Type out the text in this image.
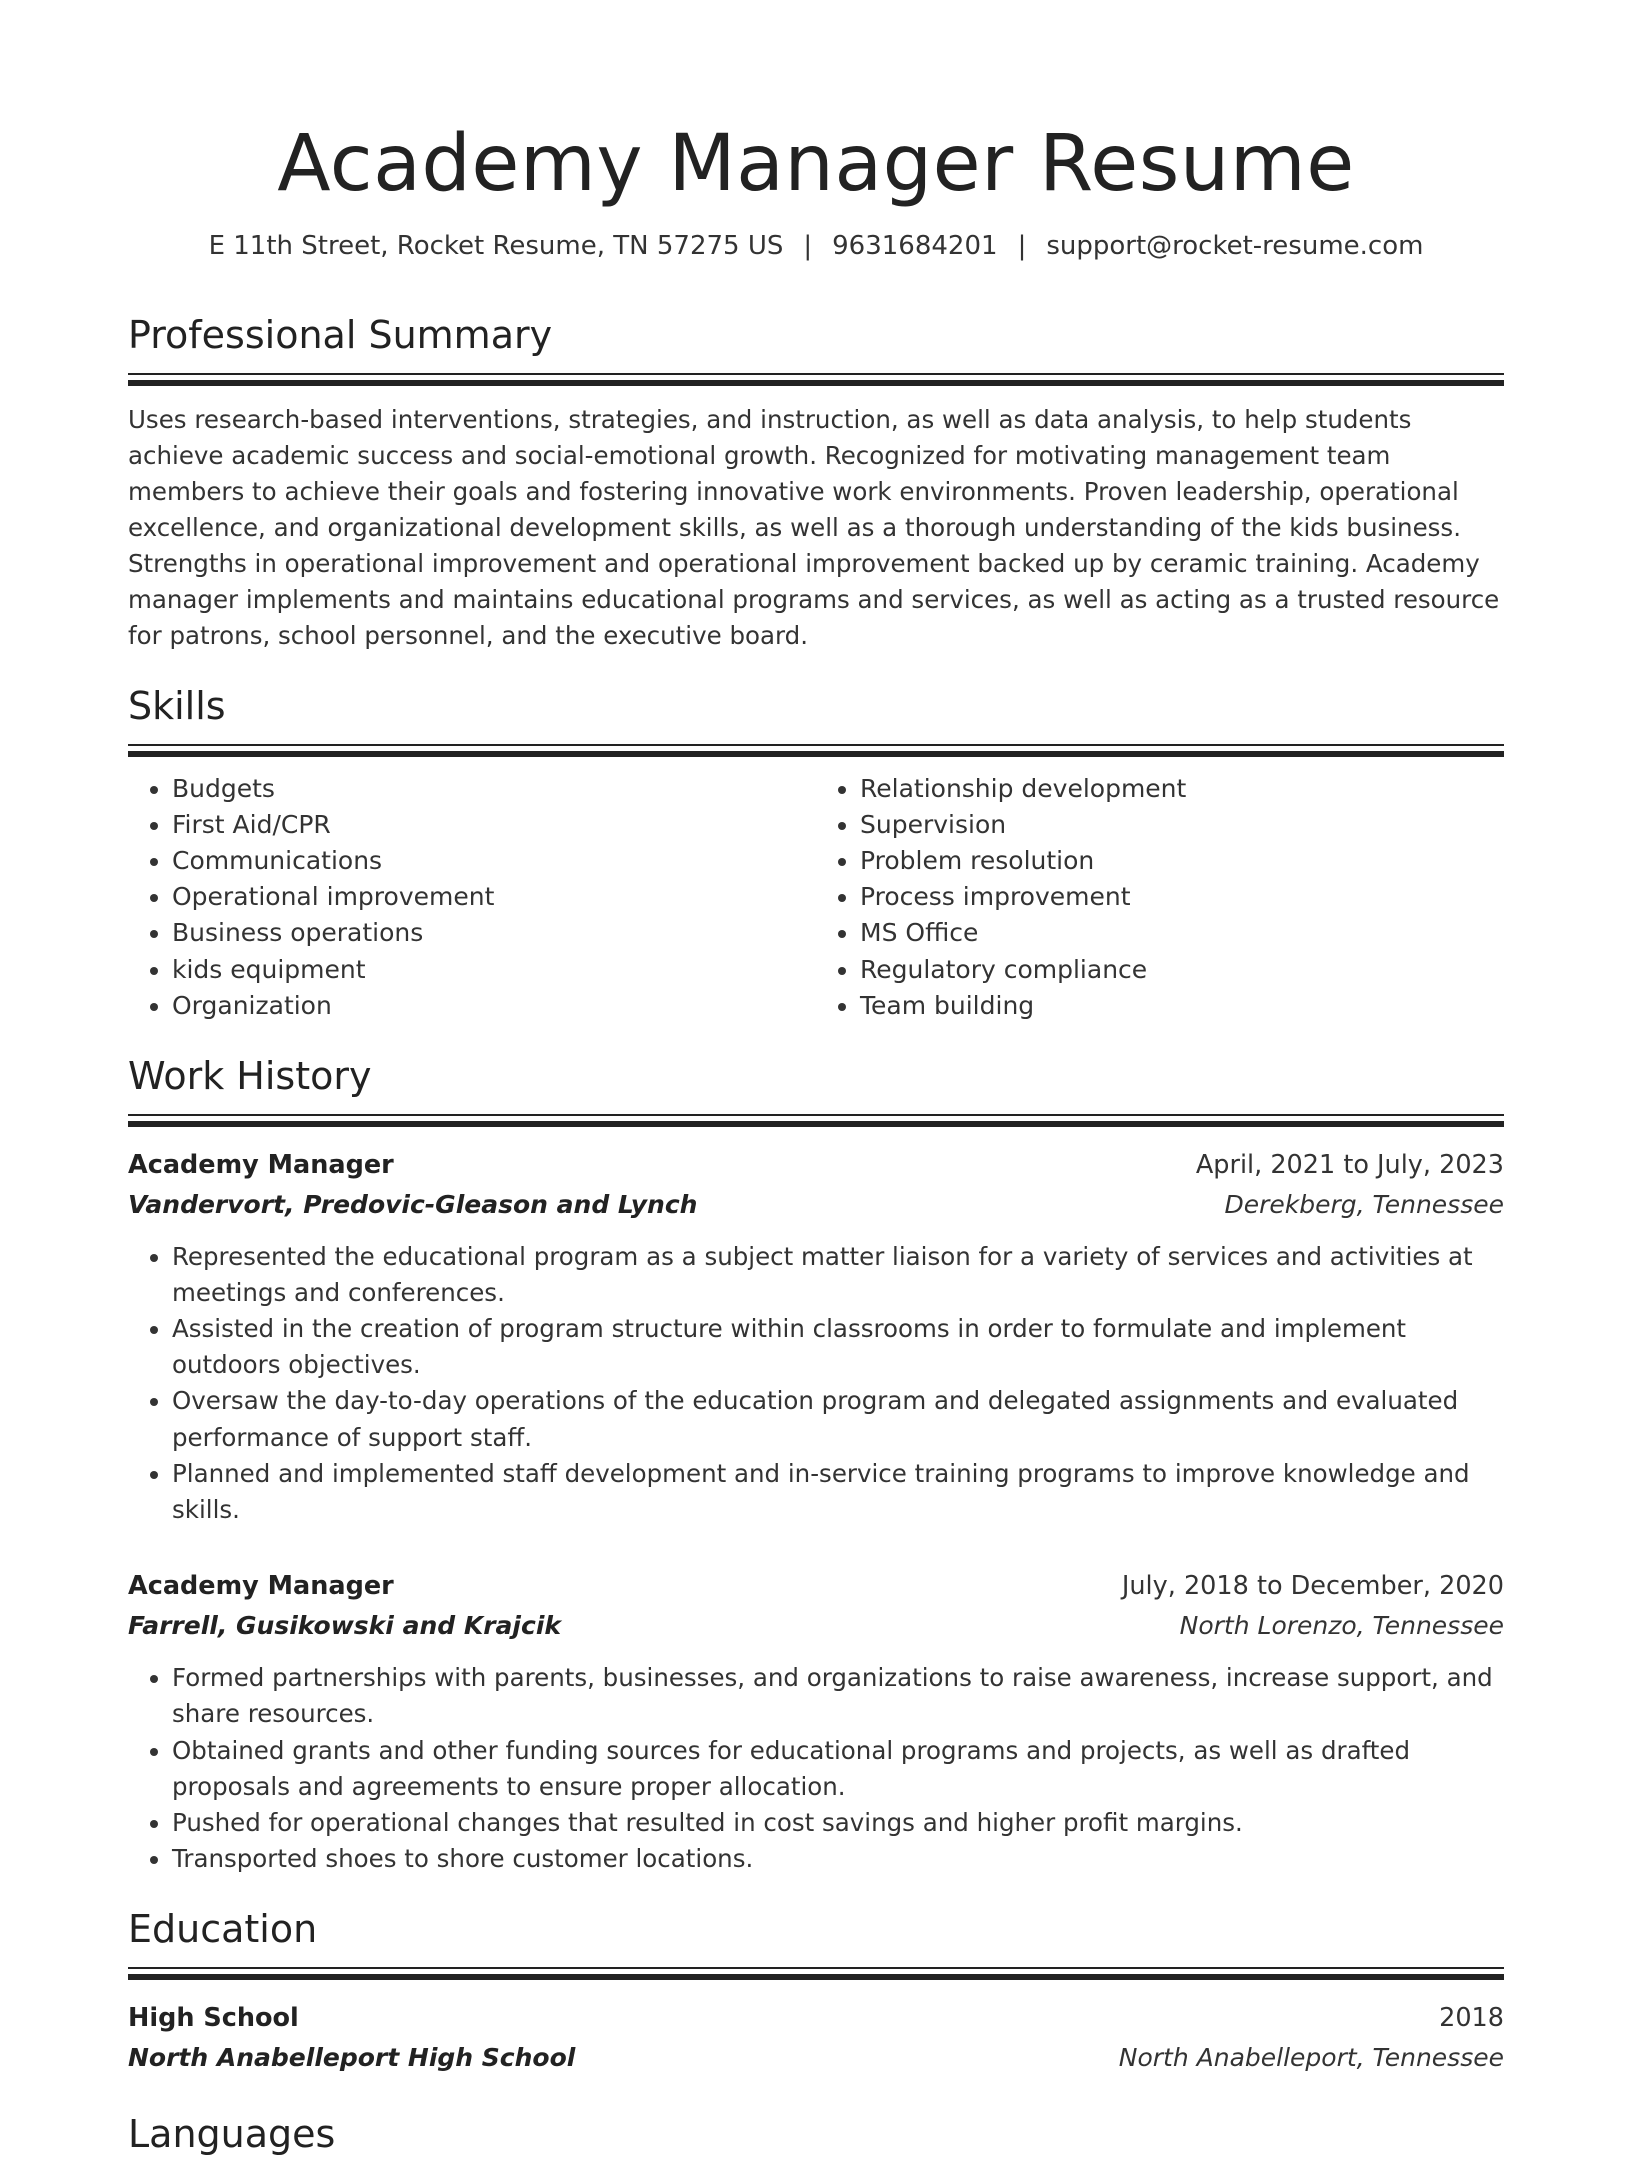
Academy Manager Resume
E 11th Street, Rocket Resume, TN 57275 US | 9631684201 | support@rocket-resume.com
Professional Summary

Uses research-based interventions, strategies, and instruction, as well as data analysis, to help students achieve academic success and social-emotional growth. Recognized for motivating management team members to achieve their goals and fostering innovative work environments. Proven leadership, operational excellence, and organizational development skills, as well as a thorough understanding of the kids business. Strengths in operational improvement and operational improvement backed up by ceramic training. Academy manager implements and maintains educational programs and services, as well as acting as a trusted resource for patrons, school personnel, and the executive board.

Skills
• Budgets
• First Aid/CPR
• Communications
• Operational improvement
• Business operations
• kids equipment
• Organization
• Relationship development
• Supervision
• Problem resolution
• Process improvement
• MS Office
• Regulatory compliance
• Team building
Work History
Academy Manager	April, 2021 to July, 2023
Vandervort, Predovic-Gleason and Lynch	Derekberg, Tennessee
• Represented the educational program as a subject matter liaison for a variety of services and activities at meetings and conferences.
• Assisted in the creation of program structure within classrooms in order to formulate and implement outdoors objectives.
• Oversaw the day-to-day operations of the education program and delegated assignments and evaluated performance of support staff.
• Planned and implemented staff development and in-service training programs to improve knowledge and skills.
Academy Manager	July, 2018 to December, 2020
Farrell, Gusikowski and Krajcik	North Lorenzo, Tennessee
• Formed partnerships with parents, businesses, and organizations to raise awareness, increase support, and share resources.
• Obtained grants and other funding sources for educational programs and projects, as well as drafted proposals and agreements to ensure proper allocation.
• Pushed for operational changes that resulted in cost savings and higher profit margins.
• Transported shoes to shore customer locations.
Education
High School	2018
North Anabelleport High School	North Anabelleport, Tennessee
Languages
